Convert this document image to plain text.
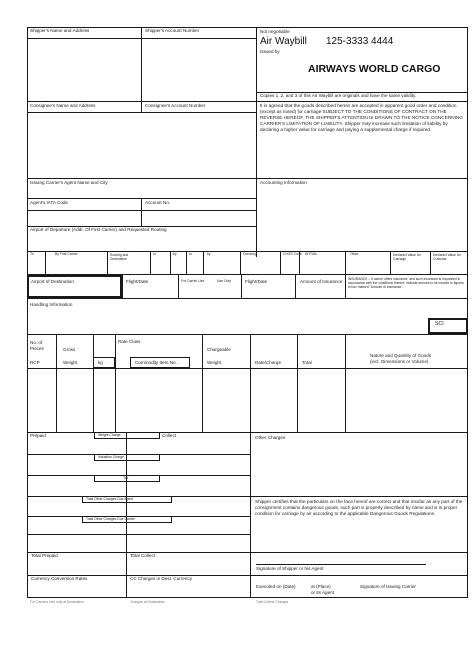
Shipper's Name and Address	Shipper's Account Number	Not negotiable
Air Waybill 125-3333 4444
Issued by
AIRWAYS WORLD CARGO
Copies 1, 2, and 3 of this Air Waybill are originals and have the same validity.
Consignee's Name and Address	Consignee's Account Number	It is agreed that the goods described herein are accepted in apparent good order and condition (except as noted) for carriage SUBJECT TO THE CONDITIONS OF CONTRACT ON THE REVERSE HEREOF. THE SHIPPER'S ATTENTION IS DRAWN TO THE NOTICE CONCERNING CARRIER'S LIMITATION OF LIABILITY. Shipper may increase such limitation of liability by declaring a higher value for carriage and paying a supplemental charge if required.
Issuing Carrier's Agent Name and City	Accounting Information
Agent's IATA Code	Account No.
Airport of Departure (Addr. Of First Carrier) and Requested Routing
To	By First Carrier	Routing and Destination
to	by	to	by	Currency	CHGS Code WT/VAL	Other	Declared Value for Carriage
Declared Value for Customs
Airport of Destination	Flight/Date	For Carrier Use	Use Only	Flight/Date	Amount of Insurance INSURANCE – If carrier offers insurance, and such insurance is requested in accordance with the conditions thereof, indicate amount to be insured in figures in box marked "Amount of Insurance".
Handling Information
SCI
No. of Pieces
RCP
Gross
Weight	kg
Rate Class
Commodity Item No.
Chargeable
Weight	Rate/Charge	Total
Nature and Quantity of Goods
(incl. Dimensions or Volume)
Prepaid	Weight Charge	Collect	Other Charges
Valuation Charge
Tax
Total Other Charges Due Agent
Total Other Charges Due Carrier
Shipper certifies that the particulars on the face hereof are correct and that insofar as any part of the consignment contains dangerous goods, such part is properly described by name and is in proper condition for carriage by air according to the applicable Dangerous Goods Regulations.
Total Prepaid	Total Collect
Signature of Shipper or his Agent
Currency Conversion Rates	CC Charges in Dest. Currency
Executed on (Date)	at (Place)
or its Agent
Signature of Issuing Carrier
For Carriers Use only at Destination	Charges at Destination	Total Collect Charges
